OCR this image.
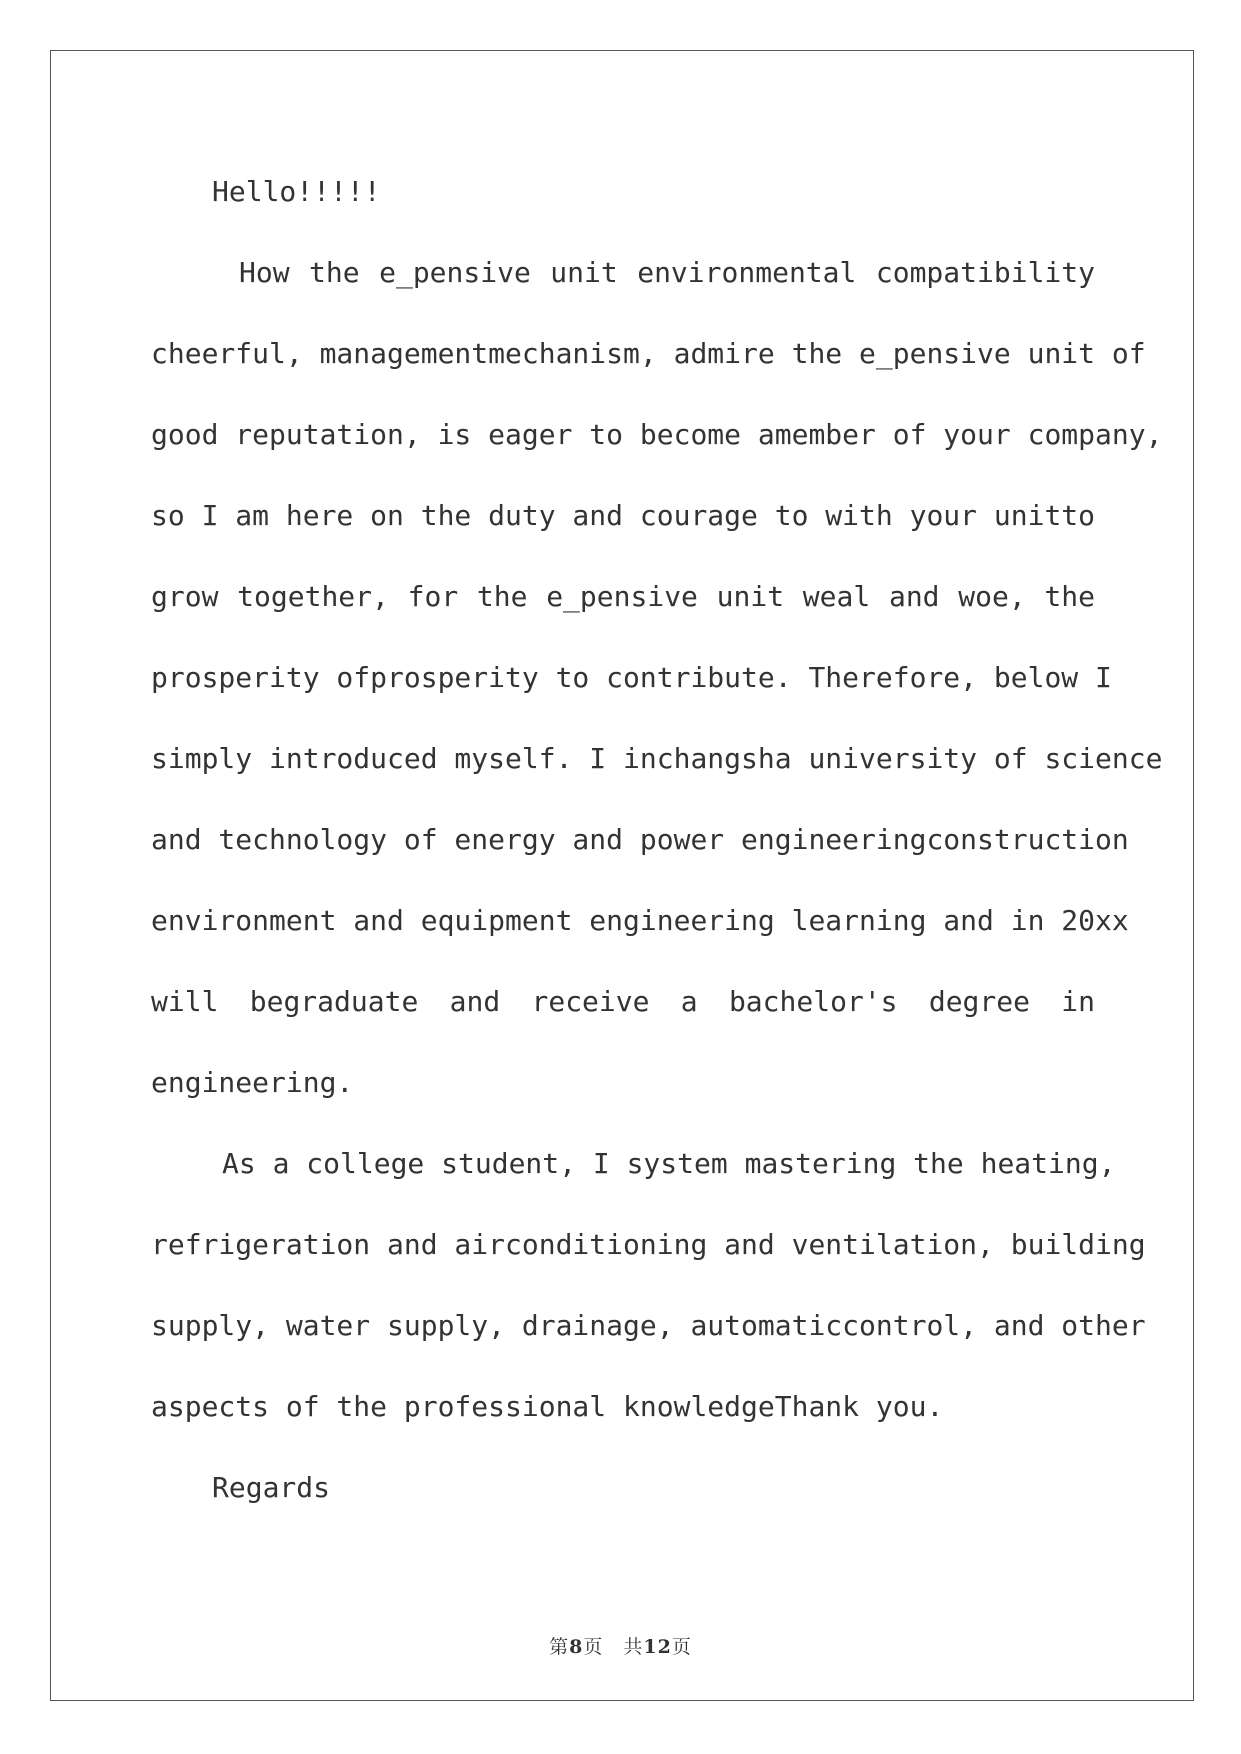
Hello!!!!!
How the e_pensive unit environmental compatibility
cheerful, managementmechanism, admire the e_pensive unit of
good reputation, is eager to become amember of your company,
so I am here on the duty and courage to with your unitto
grow together, for the e_pensive unit weal and woe, the
prosperity ofprosperity to contribute. Therefore, below I
simply introduced myself. I inchangsha university of science
and technology of energy and power engineeringconstruction
environment and equipment engineering learning and in 20xx
will begraduate and receive a bachelor's degree in
engineering.
As a college student, I system mastering the heating,
refrigeration and airconditioning and ventilation, building
supply, water supply, drainage, automaticcontrol, and other
aspects of the professional knowledgeThank you.
Regards
第8页　共12页
